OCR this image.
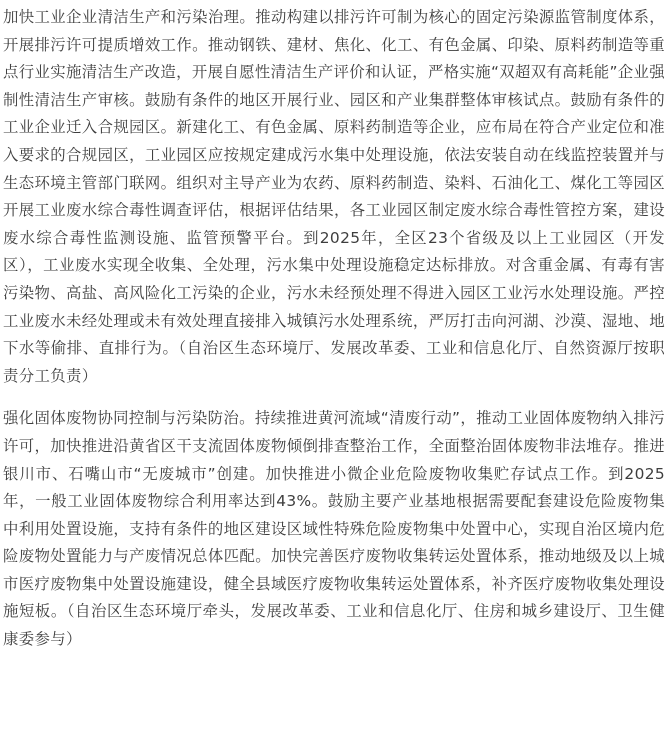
加快工业企业清洁生产和污染治理。推动构建以排污许可制为核心的固定污染源监管制度体系，开展排污许可提质增效工作。推动钢铁、建材、焦化、化工、有色金属、印染、原料药制造等重点行业实施清洁生产改造，开展自愿性清洁生产评价和认证，严格实施“双超双有高耗能”企业强制性清洁生产审核。鼓励有条件的地区开展行业、园区和产业集群整体审核试点。鼓励有条件的工业企业迁入合规园区。新建化工、有色金属、原料药制造等企业，应布局在符合产业定位和准入要求的合规园区，工业园区应按规定建成污水集中处理设施，依法安装自动在线监控装置并与生态环境主管部门联网。组织对主导产业为农药、原料药制造、染料、石油化工、煤化工等园区开展工业废水综合毒性调查评估，根据评估结果，各工业园区制定废水综合毒性管控方案，建设废水综合毒性监测设施、监管预警平台。到2025年，全区23个省级及以上工业园区（开发区），工业废水实现全收集、全处理，污水集中处理设施稳定达标排放。对含重金属、有毒有害污染物、高盐、高风险化工污染的企业，污水未经预处理不得进入园区工业污水处理设施。严控工业废水未经处理或未有效处理直接排入城镇污水处理系统，严厉打击向河湖、沙漠、湿地、地下水等偷排、直排行为。（自治区生态环境厅、发展改革委、工业和信息化厅、自然资源厅按职责分工负责）

强化固体废物协同控制与污染防治。持续推进黄河流域“清废行动”，推动工业固体废物纳入排污许可，加快推进沿黄省区干支流固体废物倾倒排查整治工作，全面整治固体废物非法堆存。推进银川市、石嘴山市“无废城市”创建。加快推进小微企业危险废物收集贮存试点工作。到2025年，一般工业固体废物综合利用率达到43%。鼓励主要产业基地根据需要配套建设危险废物集中利用处置设施，支持有条件的地区建设区域性特殊危险废物集中处置中心，实现自治区境内危险废物处置能力与产废情况总体匹配。加快完善医疗废物收集转运处置体系，推动地级及以上城市医疗废物集中处置设施建设，健全县域医疗废物收集转运处置体系，补齐医疗废物收集处理设施短板。（自治区生态环境厅牵头，发展改革委、工业和信息化厅、住房和城乡建设厅、卫生健康委参与）
